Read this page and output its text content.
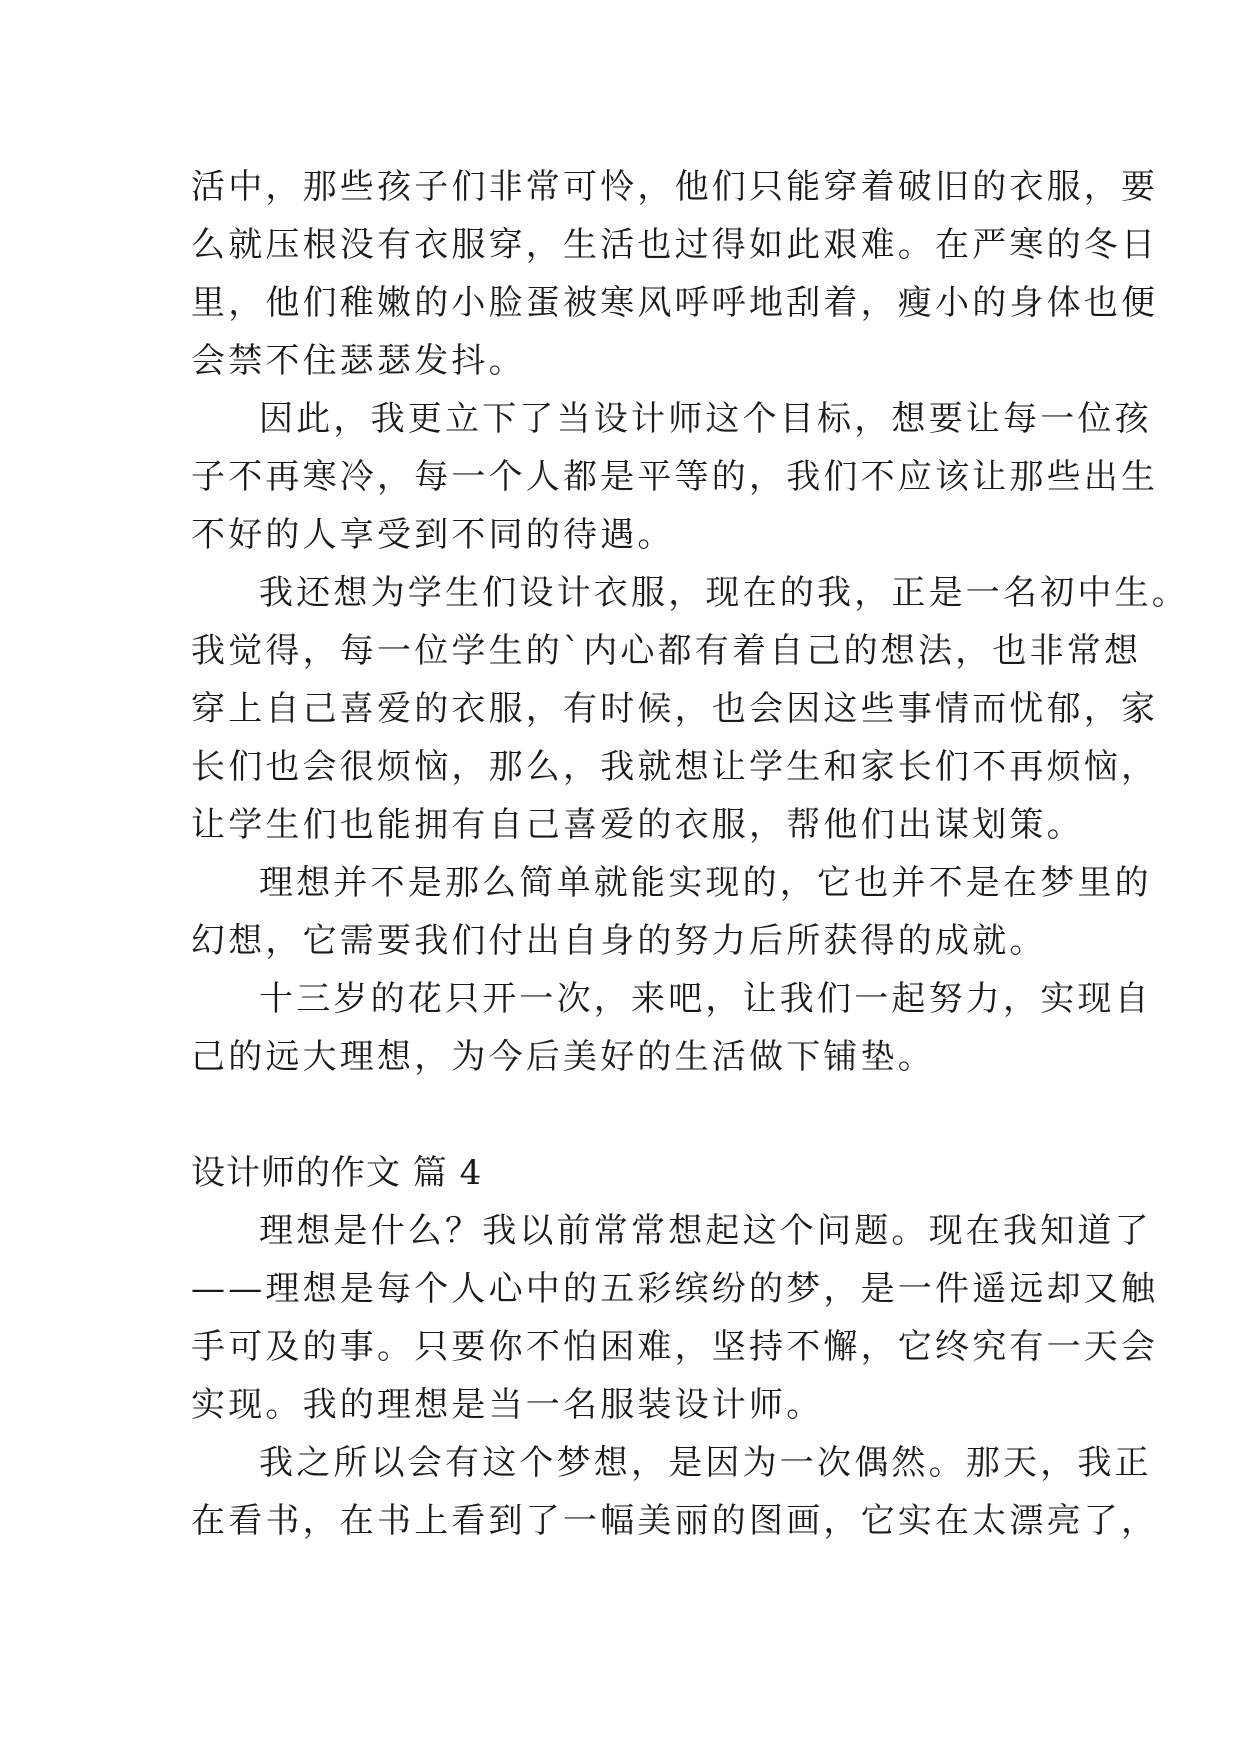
活中，那些孩子们非常可怜，他们只能穿着破旧的衣服，要
么就压根没有衣服穿，生活也过得如此艰难。在严寒的冬日
里，他们稚嫩的小脸蛋被寒风呼呼地刮着，瘦小的身体也便
会禁不住瑟瑟发抖。
因此，我更立下了当设计师这个目标，想要让每一位孩
子不再寒冷，每一个人都是平等的，我们不应该让那些出生
不好的人享受到不同的待遇。
我还想为学生们设计衣服，现在的我，正是一名初中生。
我觉得，每一位学生的`内心都有着自己的想法，也非常想
穿上自己喜爱的衣服，有时候，也会因这些事情而忧郁，家
长们也会很烦恼，那么，我就想让学生和家长们不再烦恼，
让学生们也能拥有自己喜爱的衣服，帮他们出谋划策。
理想并不是那么简单就能实现的，它也并不是在梦里的
幻想，它需要我们付出自身的努力后所获得的成就。
十三岁的花只开一次，来吧，让我们一起努力，实现自
己的远大理想，为今后美好的生活做下铺垫。
设计师的作文 篇 4
理想是什么？我以前常常想起这个问题。现在我知道了
——理想是每个人心中的五彩缤纷的梦，是一件遥远却又触
手可及的事。只要你不怕困难，坚持不懈，它终究有一天会
实现。我的理想是当一名服装设计师。
我之所以会有这个梦想，是因为一次偶然。那天，我正
在看书，在书上看到了一幅美丽的图画，它实在太漂亮了，
